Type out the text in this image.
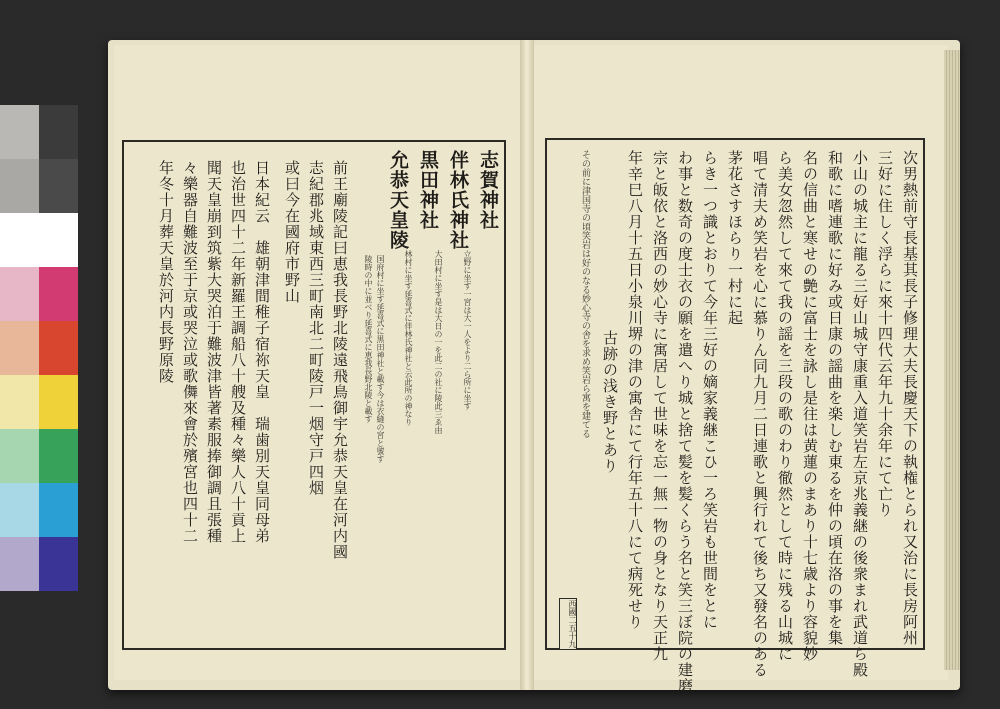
次男熱前守長基其長子修理大夫長慶天下の執権とられ又治に長房阿州
三好に住しく浮らに來十四代云年九十余年にて亡り
小山の城主に龍る三好山城守康重入道笑岩左京兆義継の後衆まれ武道ら殿
和歌に嗜連歌に好み或日康の謡曲を楽しむ東るを仲の頃在洛の事を集
名の信曲と寒せの艶に富士を詠し是往は黄蓮のまあり十七歳より容貌妙
ら美女忽然して來て我の謡を三段の歌のわり徹然として時に残る山城に
唱て清夫め笑岩を心に慕りん同九月二日連歌と興行れて後ち又發名のある
茅花さすほらり一村に起
らき一つ識とおりて今年三好の嫡家義継こひ一ろ笑岩も世間をとに
わ事と数奇の度士衣の願を遣へり城と捨て髪を髪くらう名と笑三ぼ院の建磨
宗と皈依と洛西の妙心寺に寓居して世味を忘一無一物の身となり天正九
年辛巳八月十五日小泉川堺の津の寓舎にて行年五十八にて病死せり
古跡の浅き野とあり
その前に津国寺の頃笑岩は好のなる妙心寺の舎を求め笑岩ら寓を建てる
西國二五十九
志賀神社
伴林氏神社
黒田神社
允恭天皇陵
立野に坐す一宮は大一人をより二ら所に坐す
大田村に坐す是は大日の一を此二の社に陵此三ゑ由
林村に坐す延喜式に伴林氏神社と云此所の神なり
国府村に坐す延喜式に黒田神社と載す今は衣縫の宮と號す
陵時の中に並べり延喜式に恵我長野北陵と載す
前王廟陵記曰恵我長野北陵遠飛鳥御宇允恭天皇在河内國
志紀郡兆域東西三町南北二町陵戸一烟守戸四烟
或曰今在國府市野山
日本紀云　雄朝津間稚子宿祢天皇　瑞歯別天皇同母弟
也治世四十二年新羅王調船八十艘及種々樂人八十貢上
聞天皇崩到筑紫大哭泊于難波津皆著素服捧御調且張種
々樂器自難波至于京或哭泣或歌儛來會於殯宮也四十二
年冬十月葬天皇於河内長野原陵
